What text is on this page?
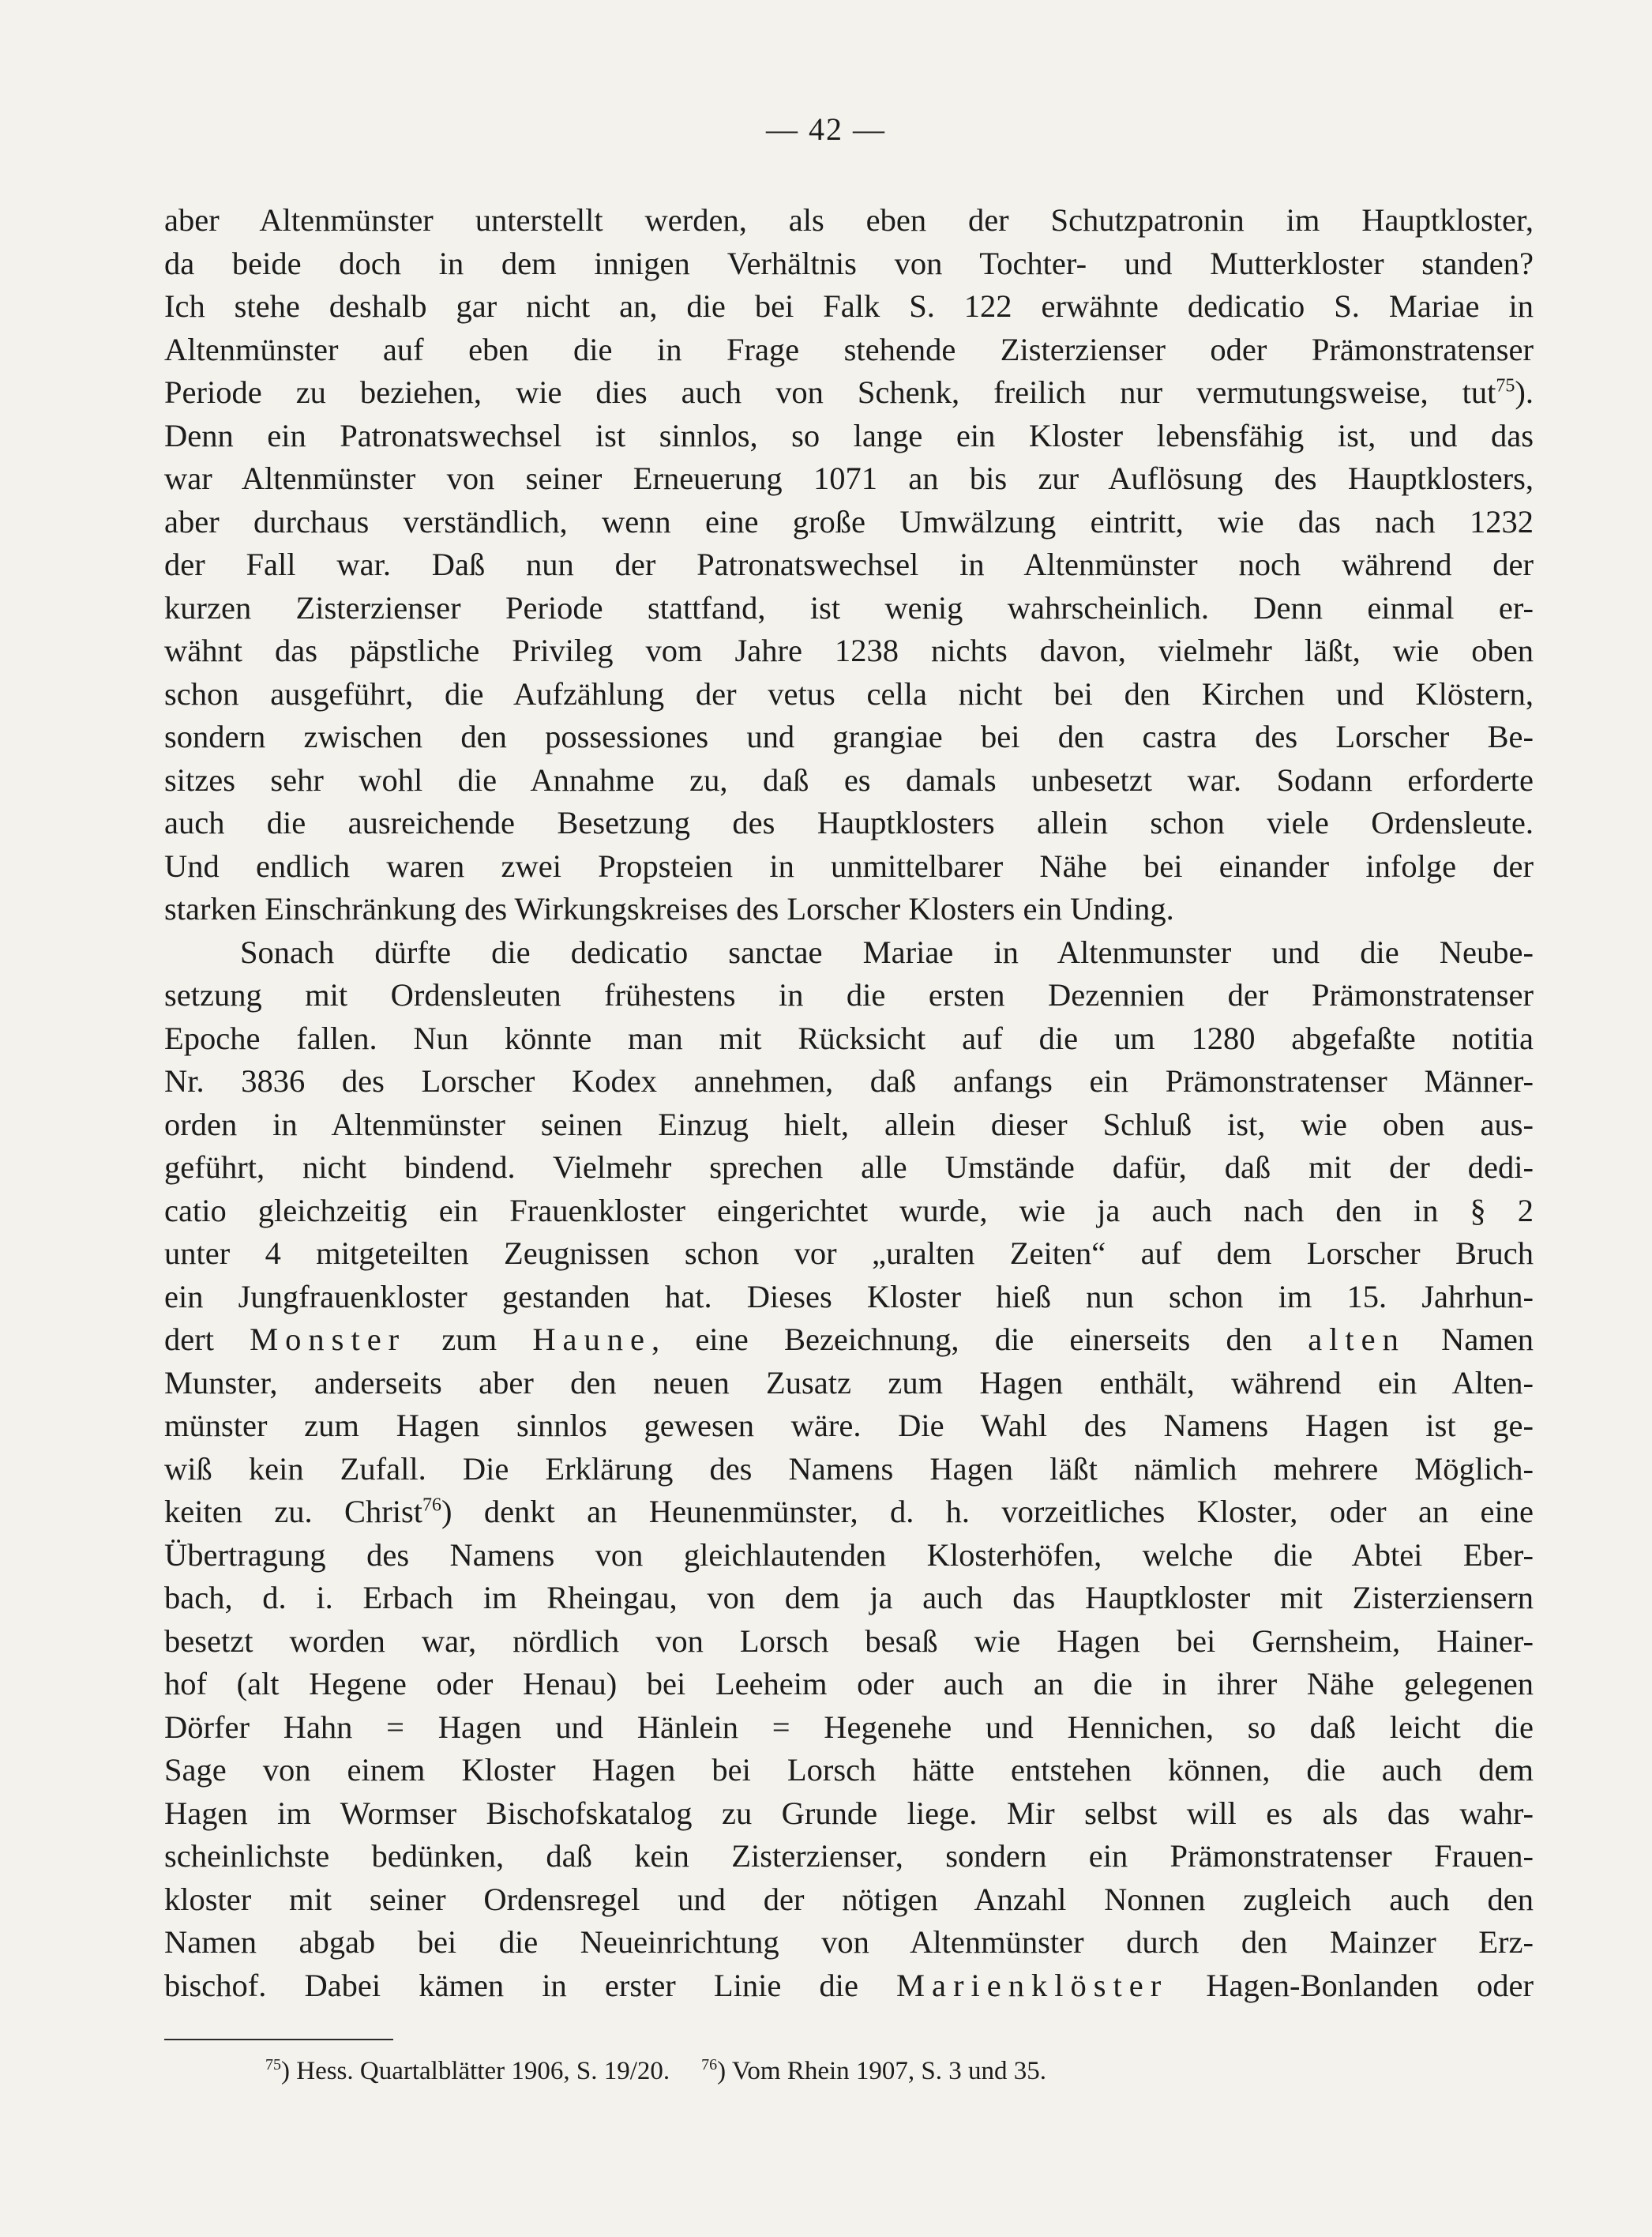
— 42 —
aber Altenmünster unterstellt werden, als eben der Schutzpatronin im Hauptkloster,
da beide doch in dem innigen Verhältnis von Tochter- und Mutterkloster standen?
Ich stehe deshalb gar nicht an, die bei Falk S. 122 erwähnte dedicatio S. Mariae in
Altenmünster auf eben die in Frage stehende Zisterzienser oder Prämonstratenser
Periode zu beziehen, wie dies auch von Schenk, freilich nur vermutungsweise, tut$^{75}$).
Denn ein Patronatswechsel ist sinnlos, so lange ein Kloster lebensfähig ist, und das
war Altenmünster von seiner Erneuerung 1071 an bis zur Auflösung des Hauptklosters,
aber durchaus verständlich, wenn eine große Umwälzung eintritt, wie das nach 1232
der Fall war. Daß nun der Patronatswechsel in Altenmünster noch während der
kurzen Zisterzienser Periode stattfand, ist wenig wahrscheinlich. Denn einmal er-
wähnt das päpstliche Privileg vom Jahre 1238 nichts davon, vielmehr läßt, wie oben
schon ausgeführt, die Aufzählung der vetus cella nicht bei den Kirchen und Klöstern,
sondern zwischen den possessiones und grangiae bei den castra des Lorscher Be-
sitzes sehr wohl die Annahme zu, daß es damals unbesetzt war. Sodann erforderte
auch die ausreichende Besetzung des Hauptklosters allein schon viele Ordensleute.
Und endlich waren zwei Propsteien in unmittelbarer Nähe bei einander infolge der
starken Einschränkung des Wirkungskreises des Lorscher Klosters ein Unding.
Sonach dürfte die dedicatio sanctae Mariae in Altenmunster und die Neube-
setzung mit Ordensleuten frühestens in die ersten Dezennien der Prämonstratenser
Epoche fallen. Nun könnte man mit Rücksicht auf die um 1280 abgefaßte notitia
Nr. 3836 des Lorscher Kodex annehmen, daß anfangs ein Prämonstratenser Männer-
orden in Altenmünster seinen Einzug hielt, allein dieser Schluß ist, wie oben aus-
geführt, nicht bindend. Vielmehr sprechen alle Umstände dafür, daß mit der dedi-
catio gleichzeitig ein Frauenkloster eingerichtet wurde, wie ja auch nach den in § 2
unter 4 mitgeteilten Zeugnissen schon vor „uralten Zeiten“ auf dem Lorscher Bruch
ein Jungfrauenkloster gestanden hat. Dieses Kloster hieß nun schon im 15. Jahrhun-
dert Monster zum Haune, eine Bezeichnung, die einerseits den alten Namen
Munster, anderseits aber den neuen Zusatz zum Hagen enthält, während ein Alten-
münster zum Hagen sinnlos gewesen wäre. Die Wahl des Namens Hagen ist ge-
wiß kein Zufall. Die Erklärung des Namens Hagen läßt nämlich mehrere Möglich-
keiten zu. Christ$^{76}$) denkt an Heunenmünster, d. h. vorzeitliches Kloster, oder an eine
Übertragung des Namens von gleichlautenden Klosterhöfen, welche die Abtei Eber-
bach, d. i. Erbach im Rheingau, von dem ja auch das Hauptkloster mit Zisterziensern
besetzt worden war, nördlich von Lorsch besaß wie Hagen bei Gernsheim, Hainer-
hof (alt Hegene oder Henau) bei Leeheim oder auch an die in ihrer Nähe gelegenen
Dörfer Hahn = Hagen und Hänlein = Hegenehe und Hennichen, so daß leicht die
Sage von einem Kloster Hagen bei Lorsch hätte entstehen können, die auch dem
Hagen im Wormser Bischofskatalog zu Grunde liege. Mir selbst will es als das wahr-
scheinlichste bedünken, daß kein Zisterzienser, sondern ein Prämonstratenser Frauen-
kloster mit seiner Ordensregel und der nötigen Anzahl Nonnen zugleich auch den
Namen abgab bei die Neueinrichtung von Altenmünster durch den Mainzer Erz-
bischof. Dabei kämen in erster Linie die Marienklöster Hagen-Bonlanden oder
$^{75}$) Hess. Quartalblätter 1906, S. 19/20. $^{76}$) Vom Rhein 1907, S. 3 und 35.
